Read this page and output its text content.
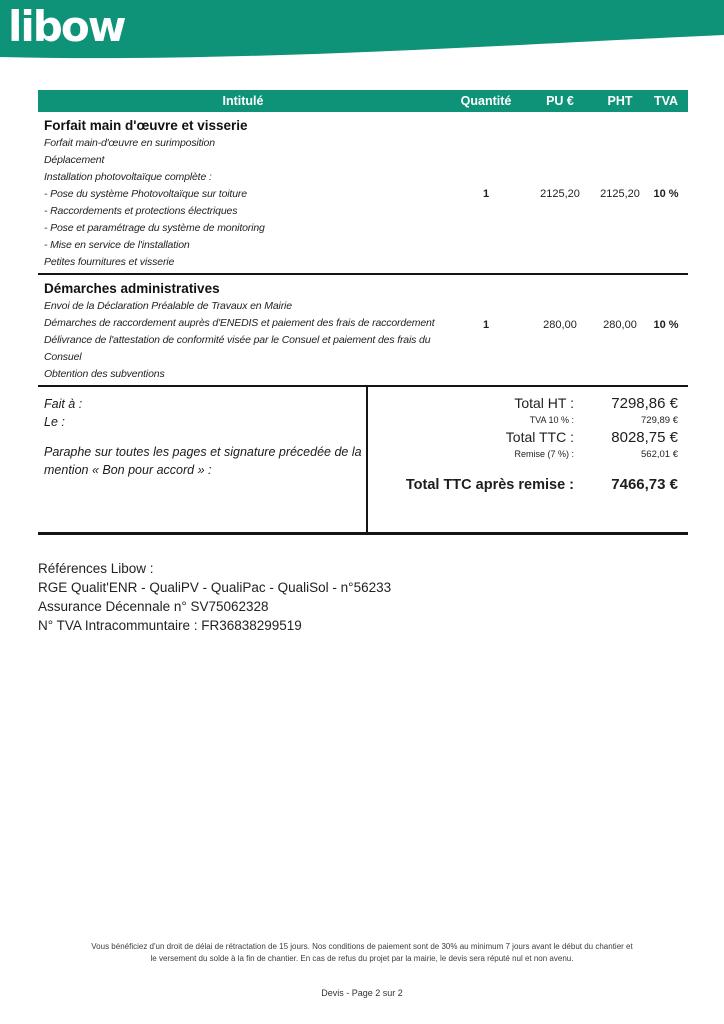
libow
Intitulé	Quantité	PU €	PHT	TVA
Forfait main d'œuvre et visserie
Forfait main-d'œuvre en surimposition
Déplacement
Installation photovoltaïque complète :
- Pose du système Photovoltaïque sur toiture
- Raccordements et protections électriques
- Pose et paramétrage du système de monitoring
- Mise en service de l'installation
Petites fournitures et visserie
1	2125,20	2125,20	10 %
Démarches administratives
Envoi de la Déclaration Préalable de Travaux en Mairie
Démarches de raccordement auprès d'ENEDIS et paiement des frais de raccordement
Délivrance de l'attestation de conformité visée par le Consuel et paiement des frais du Consuel
Obtention des subventions
1	280,00	280,00	10 %
Fait à :
Le :
Paraphe sur toutes les pages et signature précedée de la mention « Bon pour accord » :
Total HT :	7298,86 €
TVA 10 % :	729,89 €
Total TTC :	8028,75 €
Remise (7 %) :	562,01 €
Total TTC après remise :	7466,73 €
Références Libow :
RGE Qualit'ENR - QualiPV - QualiPac - QualiSol - n°56233
Assurance Décennale n° SV75062328
N° TVA Intracommuntaire : FR36838299519
Vous bénéficiez d'un droit de délai de rétractation de 15 jours. Nos conditions de paiement sont de 30% au minimum 7 jours avant le début du chantier et le versement du solde à la fin de chantier. En cas de refus du projet par la mairie, le devis sera réputé nul et non avenu.
Devis - Page 2 sur 2
